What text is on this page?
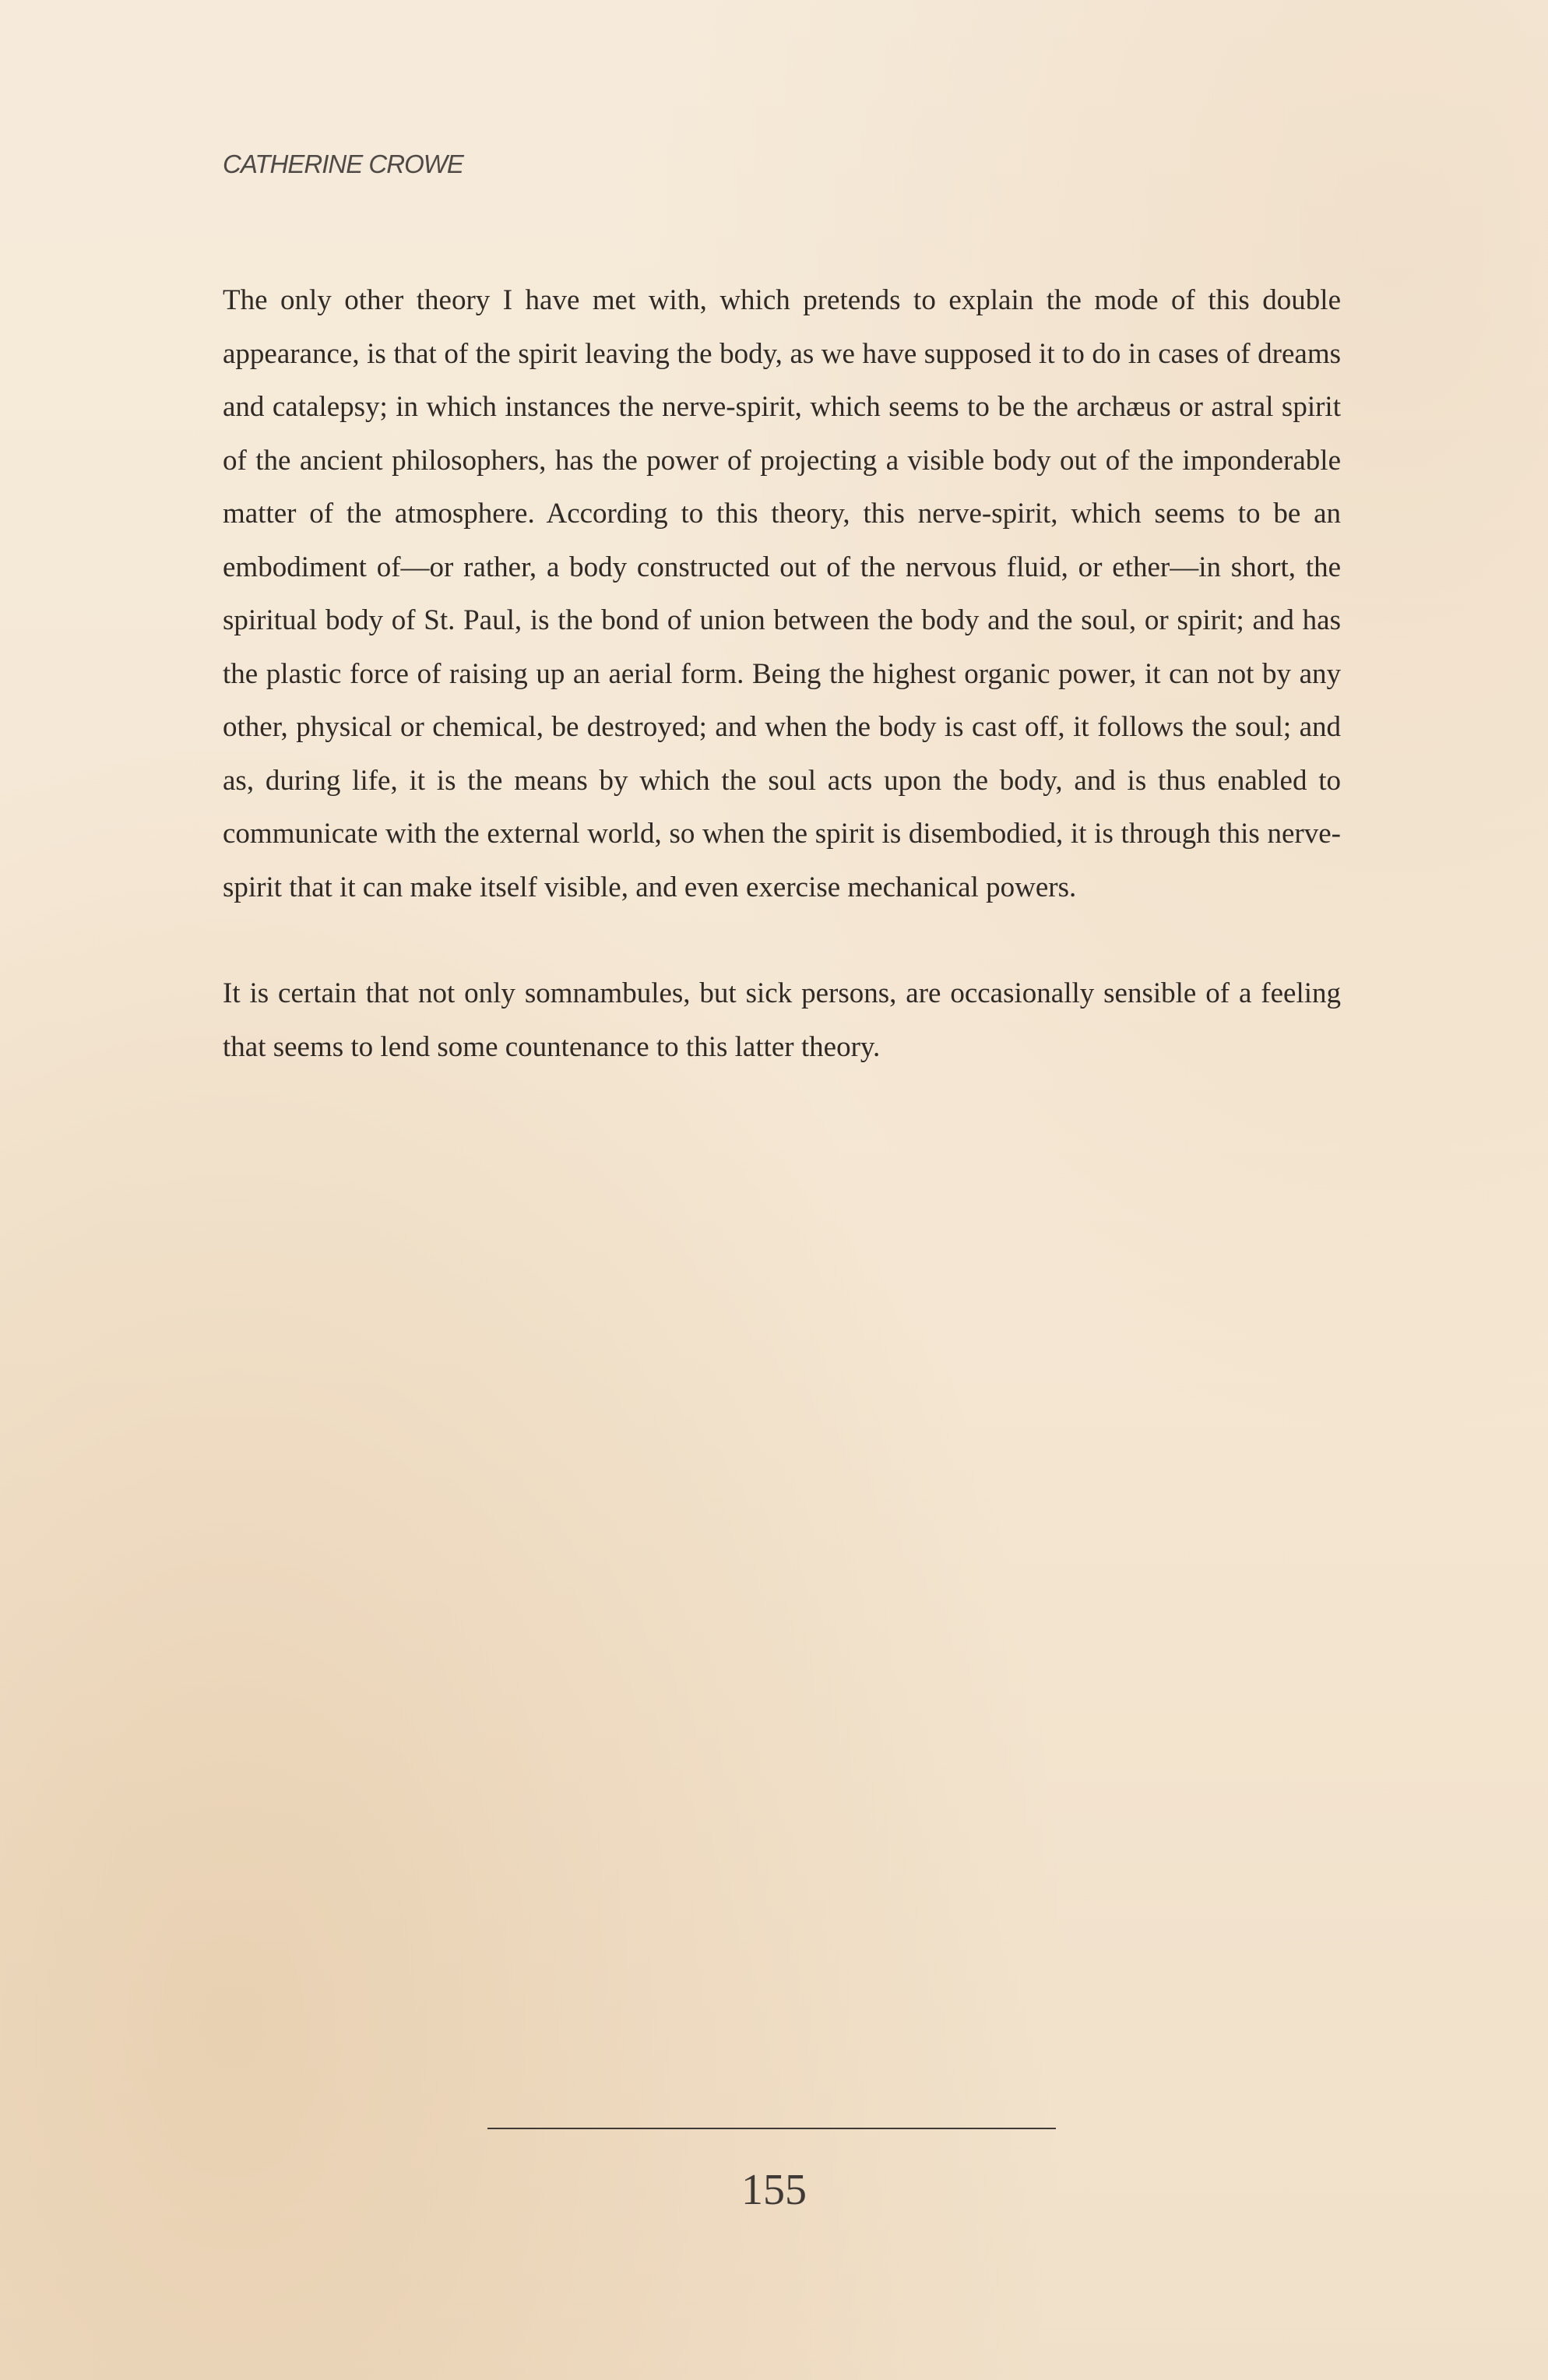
CATHERINE CROWE

The only other theory I have met with, which pretends to explain the mode of this double appearance, is that of the spirit leaving the body, as we have supposed it to do in cases of dreams and catalepsy; in which instances the nerve-spirit, which seems to be the archæus or astral spirit of the ancient philosophers, has the power of projecting a visible body out of the imponderable matter of the atmosphere. According to this theory, this nerve-spirit, which seems to be an embodiment of—or rather, a body constructed out of the nervous fluid, or ether—in short, the spiritual body of St. Paul, is the bond of union between the body and the soul, or spirit; and has the plastic force of raising up an aerial form. Being the highest organic power, it can not by any other, physical or chemical, be destroyed; and when the body is cast off, it follows the soul; and as, during life, it is the means by which the soul acts upon the body, and is thus enabled to communicate with the external world, so when the spirit is disembodied, it is through this nerve-spirit that it can make itself visible, and even exercise mechanical powers.

It is certain that not only somnambules, but sick persons, are occasionally sensible of a feeling that seems to lend some countenance to this latter theory.

155
